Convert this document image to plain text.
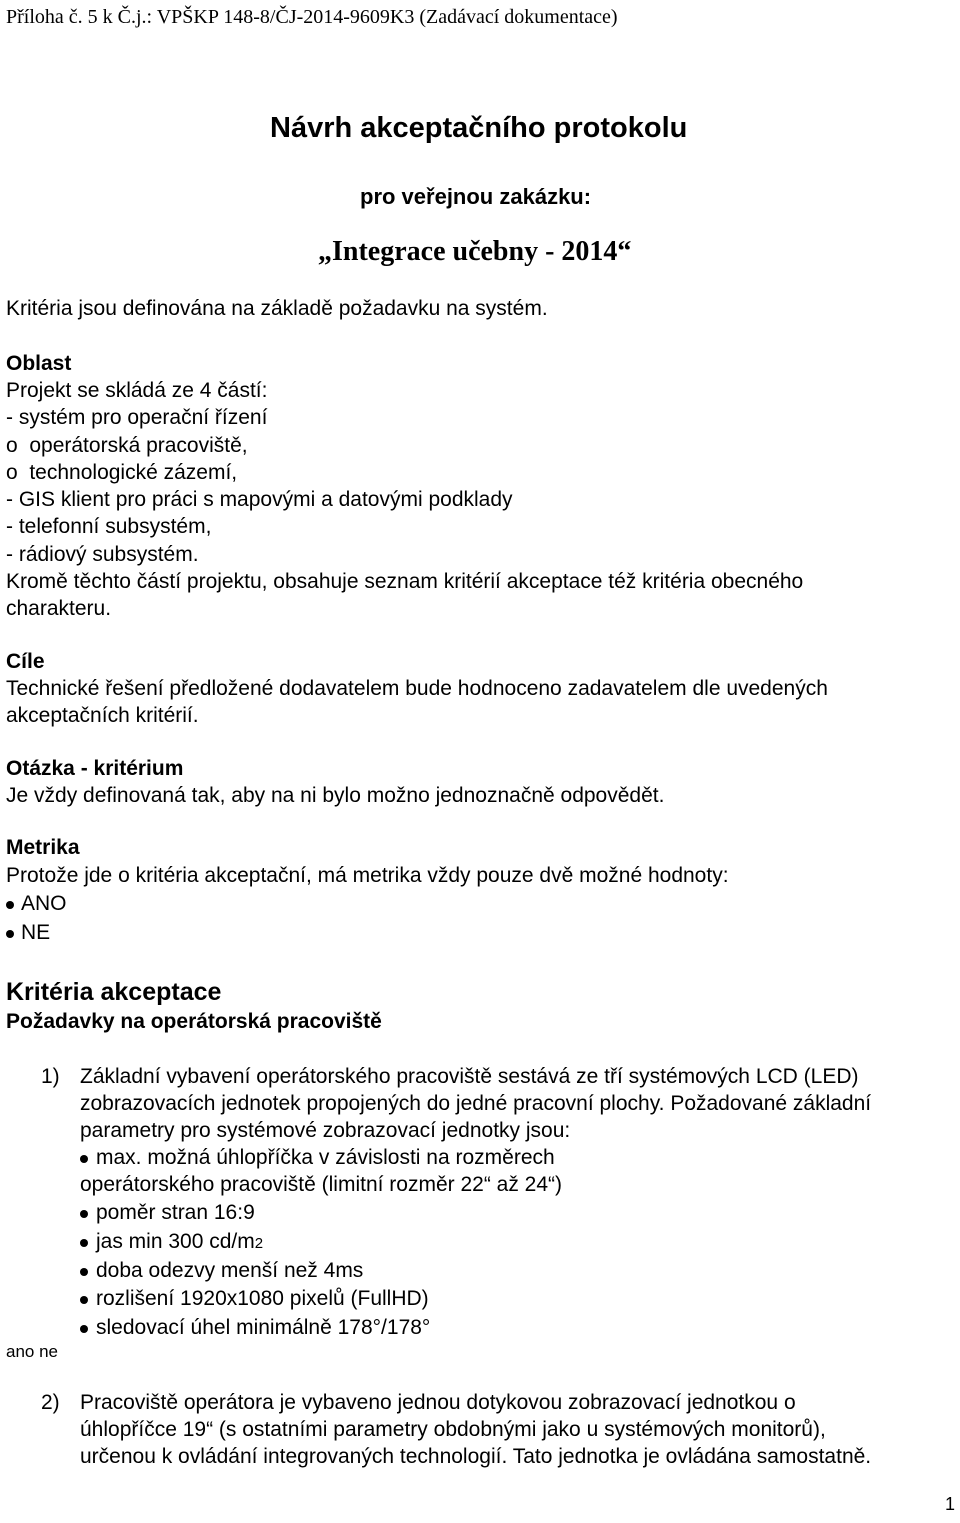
Příloha č. 5 k Č.j.: VPŠKP 148-8/ČJ-2014-9609K3 (Zadávací dokumentace)
Návrh akceptačního protokolu
pro veřejnou zakázku:
„Integrace učebny - 2014“
Kritéria jsou definována na základě požadavku na systém.
Oblast
Projekt se skládá ze 4 částí:
- systém pro operační řízení
o  operátorská pracoviště,
o  technologické zázemí,
- GIS klient pro práci s mapovými a datovými podklady
- telefonní subsystém,
- rádiový subsystém.
Kromě těchto částí projektu, obsahuje seznam kritérií akceptace též kritéria obecného
charakteru.
Cíle
Technické řešení předložené dodavatelem bude hodnoceno zadavatelem dle uvedených
akceptačních kritérií.
Otázka - kritérium
Je vždy definovaná tak, aby na ni bylo možno jednoznačně odpovědět.
Metrika
Protože jde o kritéria akceptační, má metrika vždy pouze dvě možné hodnoty:
ANO
NE
Kritéria akceptace
Požadavky na operátorská pracoviště
1) Základní vybavení operátorského pracoviště sestává ze tří systémových LCD (LED)
zobrazovacích jednotek propojených do jedné pracovní plochy. Požadované základní
parametry pro systémové zobrazovací jednotky jsou:
max. možná úhlopříčka v závislosti na rozměrech
operátorského pracoviště (limitní rozměr 22“ až 24“)
poměr stran 16:9
jas min 300 cd/m2
doba odezvy menší než 4ms
rozlišení 1920x1080 pixelů (FullHD)
sledovací úhel minimálně 178°/178°
ano ne
2) Pracoviště operátora je vybaveno jednou dotykovou zobrazovací jednotkou o
úhlopříčce 19“ (s ostatními parametry obdobnými jako u systémových monitorů),
určenou k ovládání integrovaných technologií. Tato jednotka je ovládána samostatně.
1
